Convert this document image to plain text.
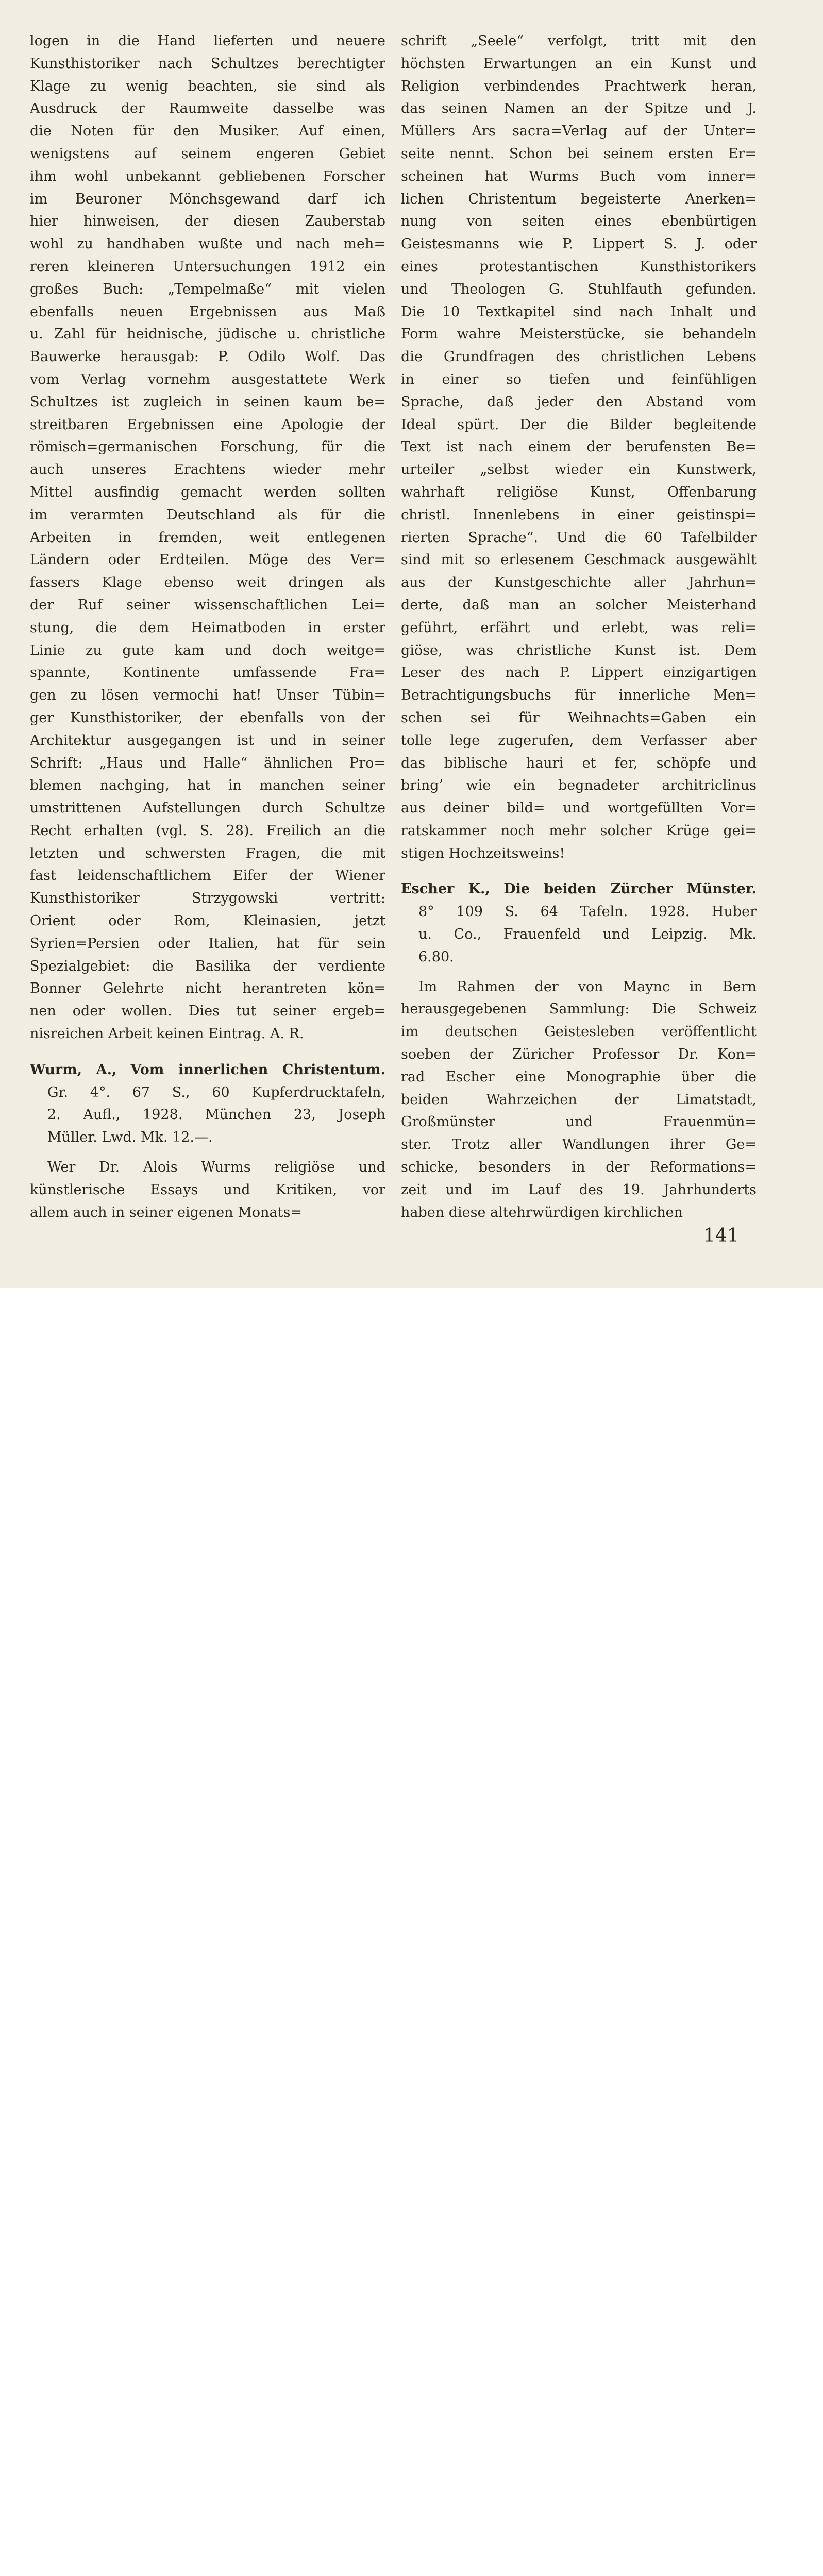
logen in die Hand lieferten und neuere
Kunsthistoriker nach Schultzes berechtigter
Klage zu wenig beachten, sie sind als
Ausdruck der Raumweite dasselbe was
die Noten für den Musiker. Auf einen,
wenigstens auf seinem engeren Gebiet
ihm wohl unbekannt gebliebenen Forscher
im Beuroner Mönchsgewand darf ich
hier hinweisen, der diesen Zauberstab
wohl zu handhaben wußte und nach meh=
reren kleineren Untersuchungen 1912 ein
großes Buch: „Tempelmaße“ mit vielen
ebenfalls neuen Ergebnissen aus Maß
u. Zahl für heidnische, jüdische u. christliche
Bauwerke herausgab: P. Odilo Wolf. Das
vom Verlag vornehm ausgestattete Werk
Schultzes ist zugleich in seinen kaum be=
streitbaren Ergebnissen eine Apologie der
römisch=germanischen Forschung, für die
auch unseres Erachtens wieder mehr
Mittel ausfindig gemacht werden sollten
im verarmten Deutschland als für die
Arbeiten in fremden, weit entlegenen
Ländern oder Erdteilen. Möge des Ver=
fassers Klage ebenso weit dringen als
der Ruf seiner wissenschaftlichen Lei=
stung, die dem Heimatboden in erster
Linie zu gute kam und doch weitge=
spannte, Kontinente umfassende Fra=
gen zu lösen vermochi hat! Unser Tübin=
ger Kunsthistoriker, der ebenfalls von der
Architektur ausgegangen ist und in seiner
Schrift: „Haus und Halle“ ähnlichen Pro=
blemen nachging, hat in manchen seiner
umstrittenen Aufstellungen durch Schultze
Recht erhalten (vgl. S. 28). Freilich an die
letzten und schwersten Fragen, die mit
fast leidenschaftlichem Eifer der Wiener
Kunsthistoriker Strzygowski vertritt:
Orient oder Rom, Kleinasien, jetzt
Syrien=Persien oder Italien, hat für sein
Spezialgebiet: die Basilika der verdiente
Bonner Gelehrte nicht herantreten kön=
nen oder wollen. Dies tut seiner ergeb=
nisreichen Arbeit keinen Eintrag. A. R.
Wurm, A., Vom innerlichen Christentum.
Gr. 4°. 67 S., 60 Kupferdrucktafeln,
2. Aufl., 1928. München 23, Joseph
Müller. Lwd. Mk. 12.—.
Wer Dr. Alois Wurms religiöse und
künstlerische Essays und Kritiken, vor
allem auch in seiner eigenen Monats=
schrift „Seele“ verfolgt, tritt mit den
höchsten Erwartungen an ein Kunst und
Religion verbindendes Prachtwerk heran,
das seinen Namen an der Spitze und J.
Müllers Ars sacra=Verlag auf der Unter=
seite nennt. Schon bei seinem ersten Er=
scheinen hat Wurms Buch vom inner=
lichen Christentum begeisterte Anerken=
nung von seiten eines ebenbürtigen
Geistesmanns wie P. Lippert S. J. oder
eines protestantischen Kunsthistorikers
und Theologen G. Stuhlfauth gefunden.
Die 10 Textkapitel sind nach Inhalt und
Form wahre Meisterstücke, sie behandeln
die Grundfragen des christlichen Lebens
in einer so tiefen und feinfühligen
Sprache, daß jeder den Abstand vom
Ideal spürt. Der die Bilder begleitende
Text ist nach einem der berufensten Be=
urteiler „selbst wieder ein Kunstwerk,
wahrhaft religiöse Kunst, Offenbarung
christl. Innenlebens in einer geistinspi=
rierten Sprache“. Und die 60 Tafelbilder
sind mit so erlesenem Geschmack ausgewählt
aus der Kunstgeschichte aller Jahrhun=
derte, daß man an solcher Meisterhand
geführt, erfährt und erlebt, was reli=
giöse, was christliche Kunst ist. Dem
Leser des nach P. Lippert einzigartigen
Betrachtigungsbuchs für innerliche Men=
schen sei für Weihnachts=Gaben ein
tolle lege zugerufen, dem Verfasser aber
das biblische hauri et fer, schöpfe und
bring’ wie ein begnadeter architriclinus
aus deiner bild= und wortgefüllten Vor=
ratskammer noch mehr solcher Krüge gei=
stigen Hochzeitsweins!
Escher K., Die beiden Zürcher Münster.
8° 109 S. 64 Tafeln. 1928. Huber
u. Co., Frauenfeld und Leipzig. Mk.
6.80.
Im Rahmen der von Maync in Bern
herausgegebenen Sammlung: Die Schweiz
im deutschen Geistesleben veröffentlicht
soeben der Züricher Professor Dr. Kon=
rad Escher eine Monographie über die
beiden Wahrzeichen der Limatstadt,
Großmünster und Frauenmün=
ster. Trotz aller Wandlungen ihrer Ge=
schicke, besonders in der Reformations=
zeit und im Lauf des 19. Jahrhunderts
haben diese altehrwürdigen kirchlichen
141
